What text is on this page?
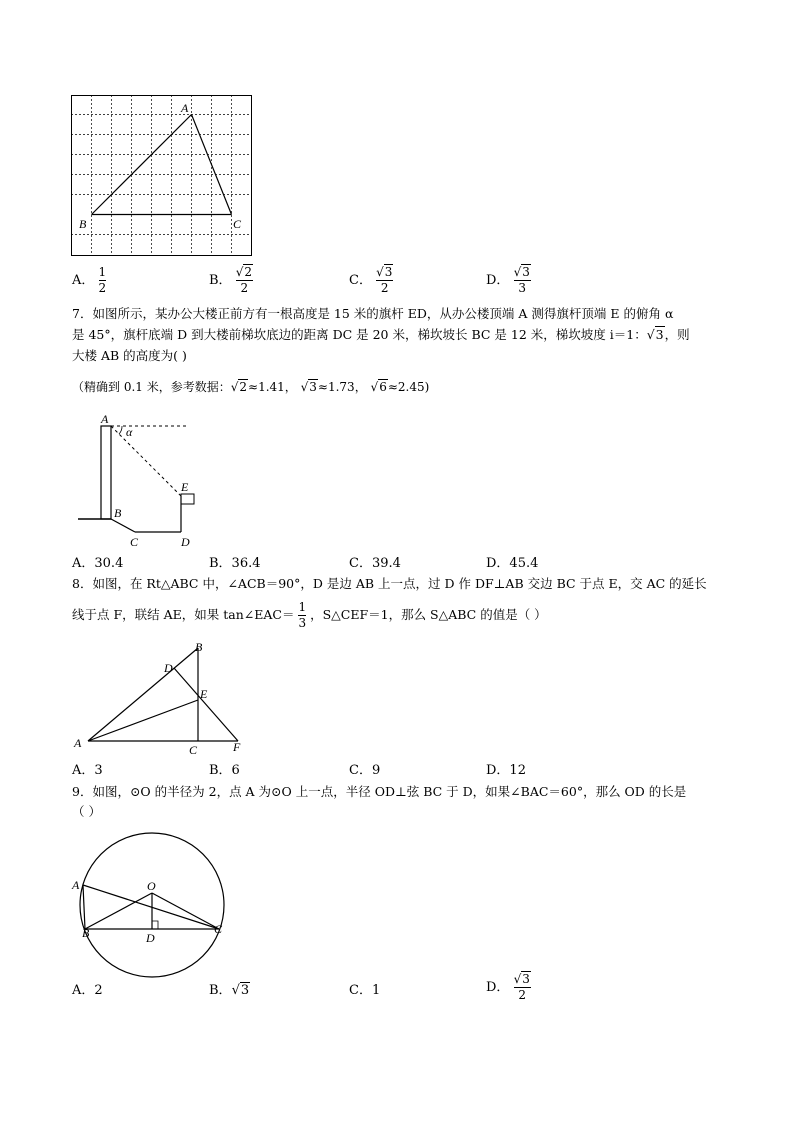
A
B	C
A． $\frac{1}{2}$	B． $\frac{√2}{2}$	C． $\frac{√3}{2}$	D． $\frac{√3}{3}$
7．如图所示，某办公大楼正前方有一根高度是 15 米的旗杆 ED，从办公楼顶端 A 测得旗杆顶端 E 的俯角 α
是 45°，旗杆底端 D 到大楼前梯坎底边的距离 DC 是 20 米，梯坎坡长 BC 是 12 米，梯坎坡度 i＝1：√3，则
大楼 AB 的高度为( )
（精确到 0.1 米，参考数据：√2≈1.41， √3≈1.73， √6≈2.45)
A
α
E
B
C	D
A．30.4	B．36.4	C．39.4	D．45.4
8．如图，在 Rt△ABC 中，∠ACB＝90°，D 是边 AB 上一点，过 D 作 DF⊥AB 交边 BC 于点 E，交 AC 的延长
线于点 F，联结 AE，如果 tan∠EAC＝ $\frac{1}{3}$ ，S△CEF＝1，那么 S△ABC 的值是（ ）
A
B
D
E
C	F
A．3	B．6	C．9	D．12
9．如图，⊙O 的半径为 2，点 A 为⊙O 上一点，半径 OD⊥弦 BC 于 D，如果∠BAC＝60°，那么 OD 的长是
（ ）
A	O
B	D
C
A．2	B．√3	C．1	D． $\frac{√3}{2}$
